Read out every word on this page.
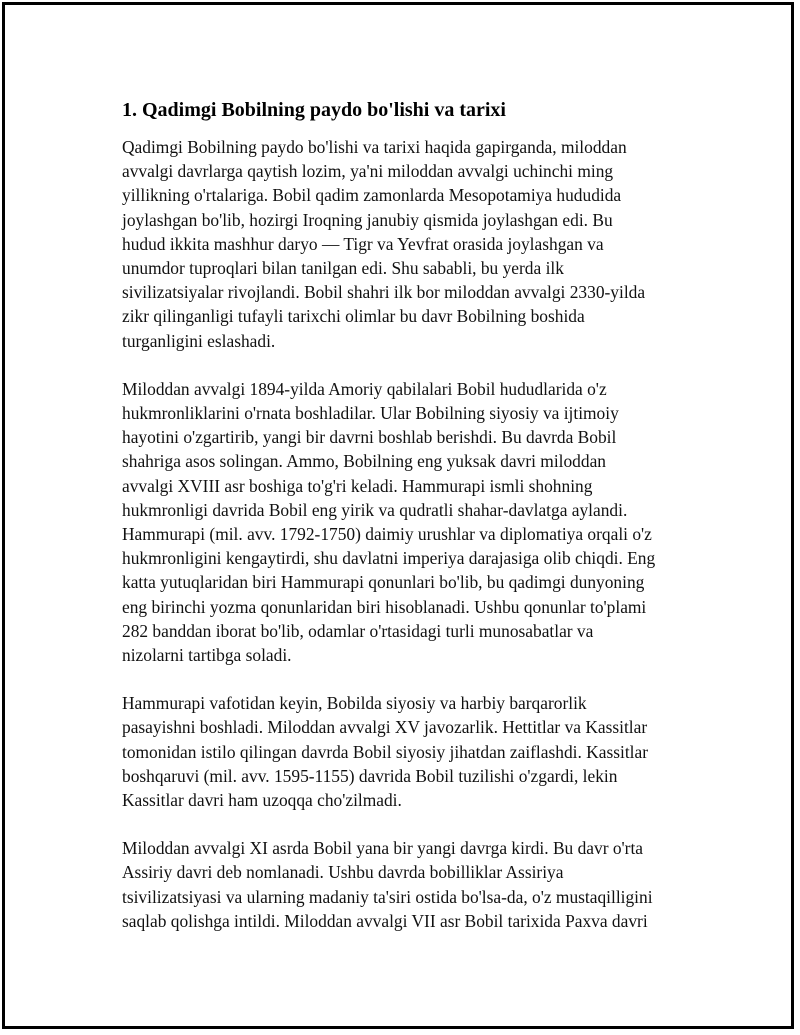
1. Qadimgi Bobilning paydo bo'lishi va tarixi
Qadimgi Bobilning paydo bo'lishi va tarixi haqida gapirganda, miloddan
avvalgi davrlarga qaytish lozim, ya'ni miloddan avvalgi uchinchi ming
yillikning o'rtalariga. Bobil qadim zamonlarda Mesopotamiya hududida
joylashgan bo'lib, hozirgi Iroqning janubiy qismida joylashgan edi. Bu
hudud ikkita mashhur daryo — Tigr va Yevfrat orasida joylashgan va
unumdor tuproqlari bilan tanilgan edi. Shu sababli, bu yerda ilk
sivilizatsiyalar rivojlandi. Bobil shahri ilk bor miloddan avvalgi 2330-yilda
zikr qilinganligi tufayli tarixchi olimlar bu davr Bobilning boshida
turganligini eslashadi.
Miloddan avvalgi 1894-yilda Amoriy qabilalari Bobil hududlarida o'z
hukmronliklarini o'rnata boshladilar. Ular Bobilning siyosiy va ijtimoiy
hayotini o'zgartirib, yangi bir davrni boshlab berishdi. Bu davrda Bobil
shahriga asos solingan. Ammo, Bobilning eng yuksak davri miloddan
avvalgi XVIII asr boshiga to'g'ri keladi. Hammurapi ismli shohning
hukmronligi davrida Bobil eng yirik va qudratli shahar-davlatga aylandi.
Hammurapi (mil. avv. 1792-1750) daimiy urushlar va diplomatiya orqali o'z
hukmronligini kengaytirdi, shu davlatni imperiya darajasiga olib chiqdi. Eng
katta yutuqlaridan biri Hammurapi qonunlari bo'lib, bu qadimgi dunyoning
eng birinchi yozma qonunlaridan biri hisoblanadi. Ushbu qonunlar to'plami
282 banddan iborat bo'lib, odamlar o'rtasidagi turli munosabatlar va
nizolarni tartibga soladi.
Hammurapi vafotidan keyin, Bobilda siyosiy va harbiy barqarorlik
pasayishni boshladi. Miloddan avvalgi XV javozarlik. Hettitlar va Kassitlar
tomonidan istilo qilingan davrda Bobil siyosiy jihatdan zaiflashdi. Kassitlar
boshqaruvi (mil. avv. 1595-1155) davrida Bobil tuzilishi o'zgardi, lekin
Kassitlar davri ham uzoqqa cho'zilmadi.
Miloddan avvalgi XI asrda Bobil yana bir yangi davrga kirdi. Bu davr o'rta
Assiriy davri deb nomlanadi. Ushbu davrda bobilliklar Assiriya
tsivilizatsiyasi va ularning madaniy ta'siri ostida bo'lsa-da, o'z mustaqilligini
saqlab qolishga intildi. Miloddan avvalgi VII asr Bobil tarixida Paxva davri
